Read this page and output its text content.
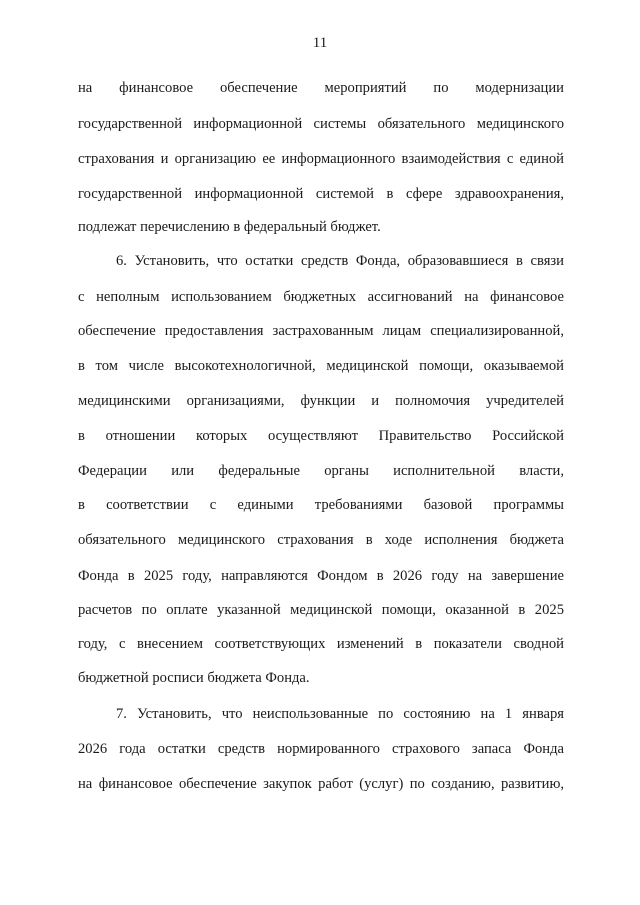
11
на финансовое обеспечение мероприятий по модернизации
государственной информационной системы обязательного медицинского
страхования и организацию ее информационного взаимодействия с единой
государственной информационной системой в сфере здравоохранения,
подлежат перечислению в федеральный бюджет.
6. Установить, что остатки средств Фонда, образовавшиеся в связи
с неполным использованием бюджетных ассигнований на финансовое
обеспечение предоставления застрахованным лицам специализированной,
в том числе высокотехнологичной, медицинской помощи, оказываемой
медицинскими организациями, функции и полномочия учредителей
в отношении которых осуществляют Правительство Российской
Федерации или федеральные органы исполнительной власти,
в соответствии с едиными требованиями базовой программы
обязательного медицинского страхования в ходе исполнения бюджета
Фонда в 2025 году, направляются Фондом в 2026 году на завершение
расчетов по оплате указанной медицинской помощи, оказанной в 2025
году, с внесением соответствующих изменений в показатели сводной
бюджетной росписи бюджета Фонда.
7. Установить, что неиспользованные по состоянию на 1 января
2026 года остатки средств нормированного страхового запаса Фонда
на финансовое обеспечение закупок работ (услуг) по созданию, развитию,
